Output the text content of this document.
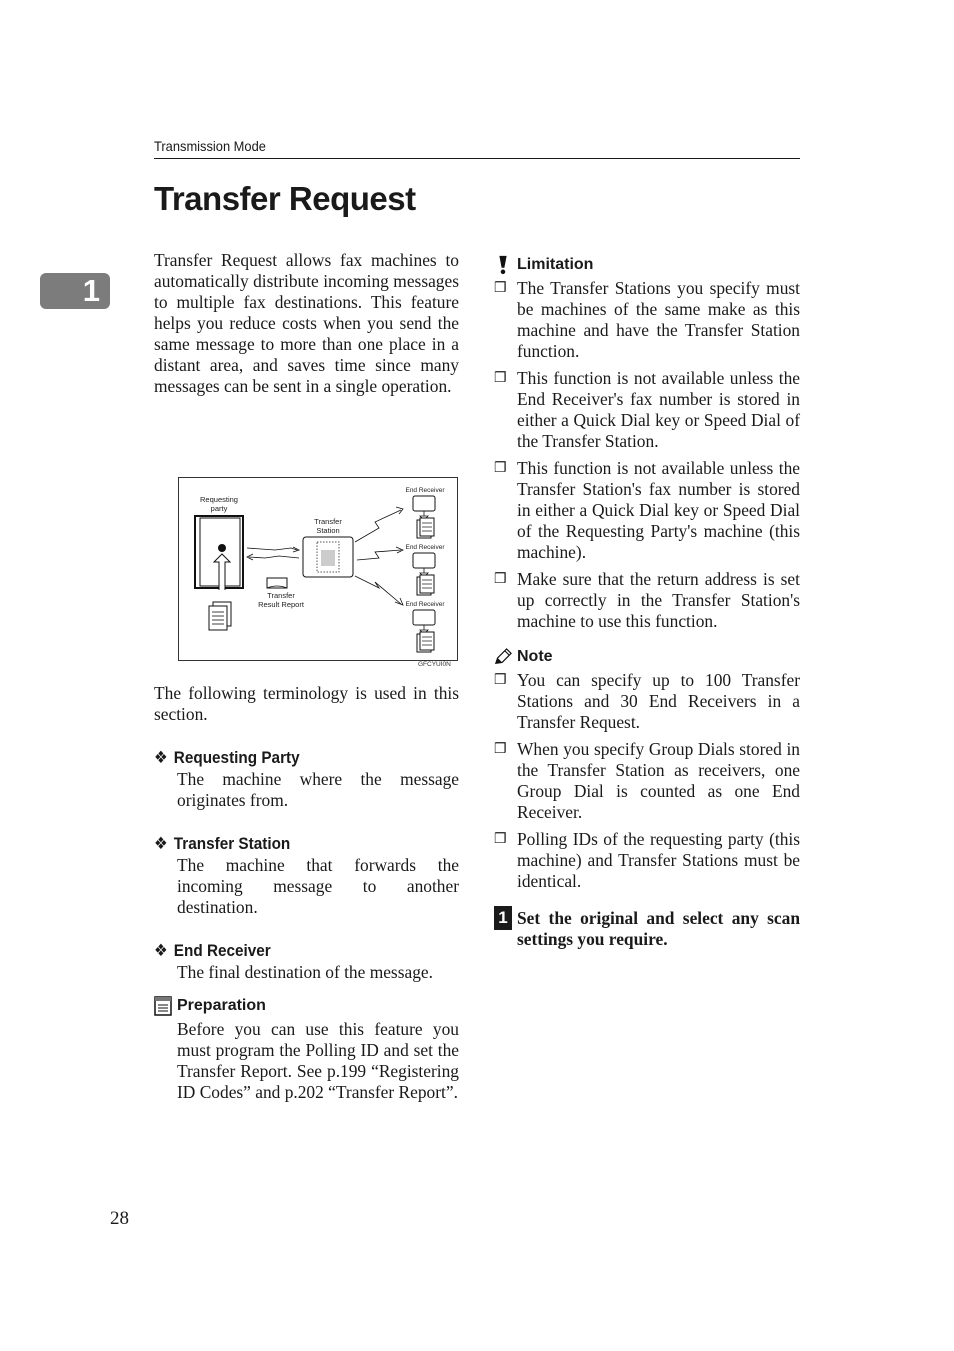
Transmission Mode
Transfer Request
1

Transfer Request allows fax machines to automatically distribute incoming messages to multiple fax destinations. This feature helps you reduce costs when you send the same message to more than one place in a distant area, and saves time since many messages can be sent in a single operation.

Requesting
party
Transfer
Station
Transfer
Result Report
End Receiver
End Receiver
End Receiver
GFCYUI0N

The following terminology is used in this section.

❖ Requesting Party
The machine where the message originates from.
❖ Transfer Station
The machine that forwards the incoming message to another destination.
❖ End Receiver
The final destination of the message.
Preparation
Before you can use this feature you must program the Polling ID and set the Transfer Report. See p.199 “Registering ID Codes” and p.202 “Transfer Report”.
Limitation
❒ The Transfer Stations you specify must be machines of the same make as this machine and have the Transfer Station function.
❒ This function is not available unless the End Receiver's fax number is stored in either a Quick Dial key or Speed Dial of the Transfer Station.
❒ This function is not available unless the Transfer Station's fax number is stored in either a Quick Dial key or Speed Dial of the Requesting Party's machine (this machine).
❒ Make sure that the return address is set up correctly in the Transfer Station's machine to use this function.
Note
❒ You can specify up to 100 Transfer Stations and 30 End Receivers in a Transfer Request.
❒ When you specify Group Dials stored in the Transfer Station as receivers, one Group Dial is counted as one End Receiver.
❒ Polling IDs of the requesting party (this machine) and Transfer Stations must be identical.
1 Set the original and select any scan settings you require.
28
